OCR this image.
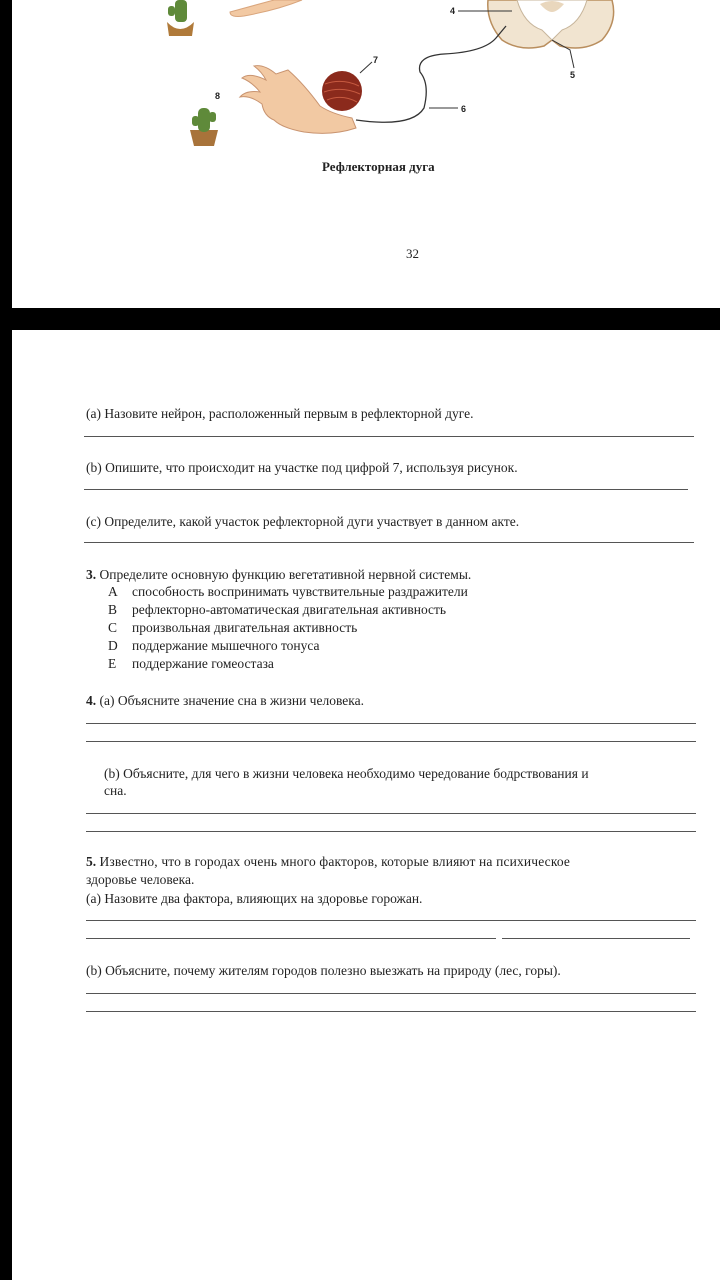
4
5
6
7
8
Рефлекторная дуга
32
(a) Назовите нейрон, расположенный первым в рефлекторной дуге.
(b) Опишите, что происходит на участке под цифрой 7, используя рисунок.
(c) Определите, какой участок рефлекторной дуги участвует в данном акте.
3. Определите основную функцию вегетативной нервной системы.
A способность воспринимать чувствительные раздражители
B рефлекторно-автоматическая двигательная активность
C произвольная двигательная активность
D поддержание мышечного тонуса
E поддержание гомеостаза
4. (a) Объясните значение сна в жизни человека.
(b) Объясните, для чего в жизни человека необходимо чередование бодрствования и
сна.
5. Известно, что в городах очень много факторов, которые влияют на психическое
здоровье человека.
(a) Назовите два фактора, влияющих на здоровье горожан.
(b) Объясните, почему жителям городов полезно выезжать на природу (лес, горы).
